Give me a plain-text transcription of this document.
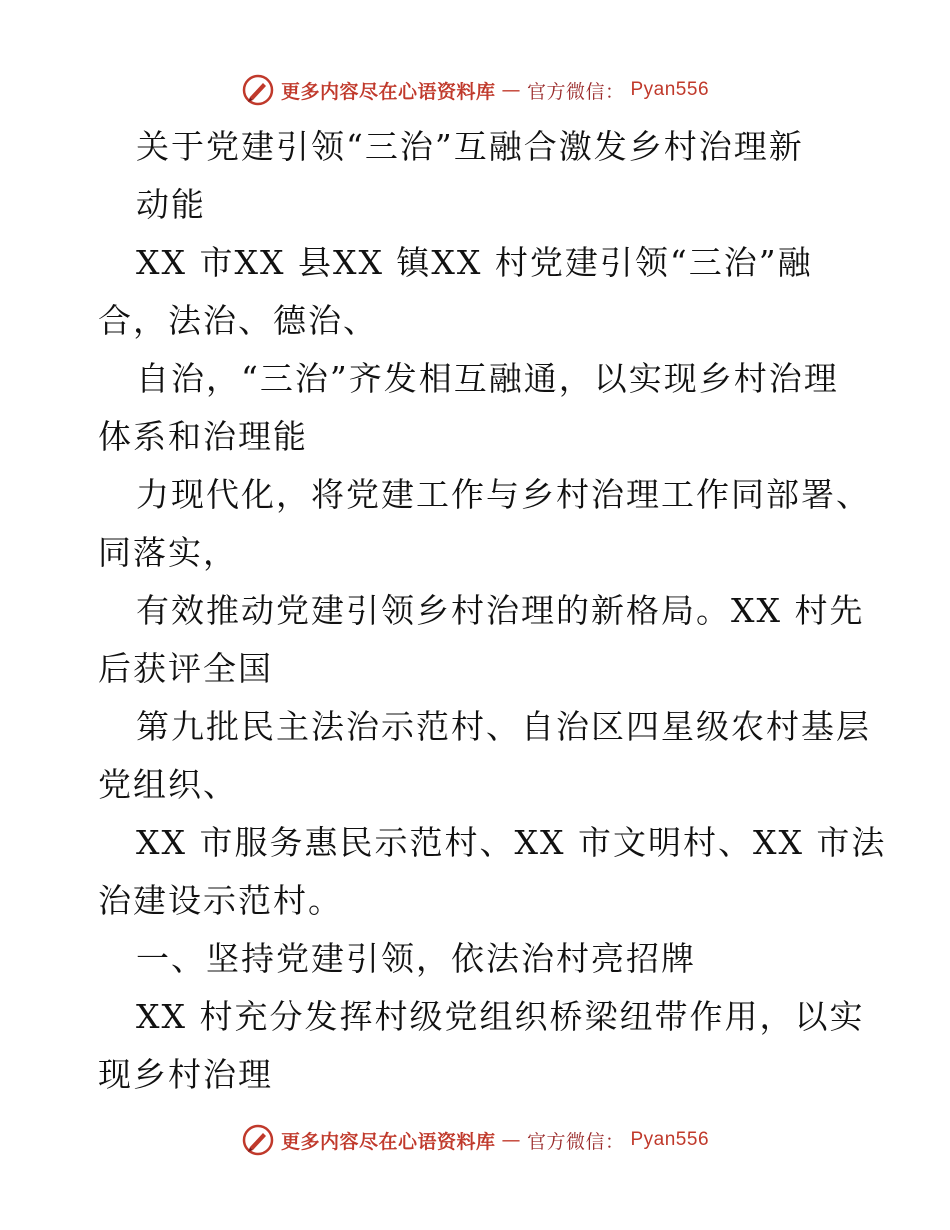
更多内容尽在心语资料库 — 官方微信： Pyan556
关于党建引领“三治”互融合激发乡村治理新
动能
XX 市XX 县XX 镇XX 村党建引领“三治”融
合，法治、德治、
自治，“三治”齐发相互融通，以实现乡村治理
体系和治理能
力现代化，将党建工作与乡村治理工作同部署、
同落实，
有效推动党建引领乡村治理的新格局。XX 村先
后获评全国
第九批民主法治示范村、自治区四星级农村基层
党组织、
XX 市服务惠民示范村、XX 市文明村、XX 市法
治建设示范村。
一、坚持党建引领，依法治村亮招牌
XX 村充分发挥村级党组织桥梁纽带作用，以实
现乡村治理
更多内容尽在心语资料库 — 官方微信： Pyan556
